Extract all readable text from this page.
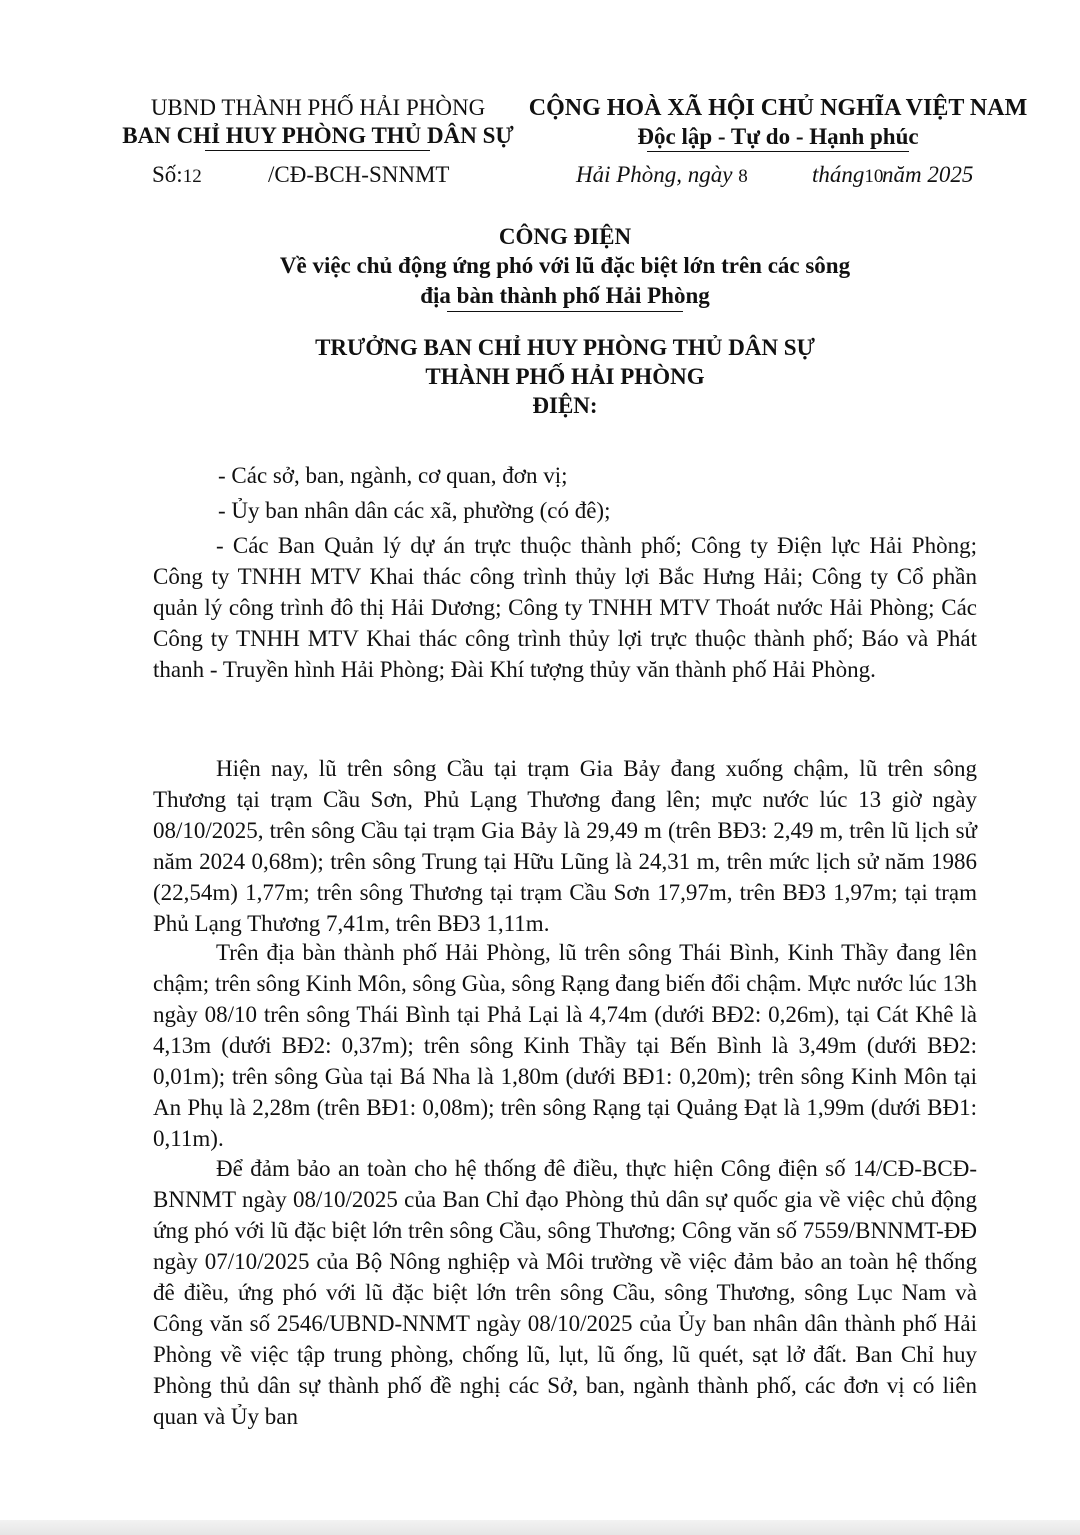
UBND THÀNH PHỐ HẢI PHÒNG
BAN CHỈ HUY PHÒNG THỦ DÂN SỰ
Số:12	/CĐ-BCH-SNNMT
CỘNG HOÀ XÃ HỘI CHỦ NGHĨA VIỆT NAM
Độc lập - Tự do - Hạnh phúc
Hải Phòng, ngày 8	tháng10
năm 2025
CÔNG ĐIỆN
Về việc chủ động ứng phó với lũ đặc biệt lớn trên các sông
địa bàn thành phố Hải Phòng
TRƯỞNG BAN CHỈ HUY PHÒNG THỦ DÂN SỰ
THÀNH PHỐ HẢI PHÒNG
ĐIỆN:
- Các sở, ban, ngành, cơ quan, đơn vị;
- Ủy ban nhân dân các xã, phường (có đê);
- Các Ban Quản lý dự án trực thuộc thành phố; Công ty Điện lực Hải Phòng; Công ty TNHH MTV Khai thác công trình thủy lợi Bắc Hưng Hải; Công ty Cổ phần quản lý công trình đô thị Hải Dương; Công ty TNHH MTV Thoát nước Hải Phòng; Các Công ty TNHH MTV Khai thác công trình thủy lợi trực thuộc thành phố; Báo và Phát thanh - Truyền hình Hải Phòng; Đài Khí tượng thủy văn thành phố Hải Phòng.
Hiện nay, lũ trên sông Cầu tại trạm Gia Bảy đang xuống chậm, lũ trên sông Thương tại trạm Cầu Sơn, Phủ Lạng Thương đang lên; mực nước lúc 13 giờ ngày 08/10/2025, trên sông Cầu tại trạm Gia Bảy là 29,49 m (trên BĐ3: 2,49 m, trên lũ lịch sử năm 2024 0,68m); trên sông Trung tại Hữu Lũng là 24,31 m, trên mức lịch sử năm 1986 (22,54m) 1,77m; trên sông Thương tại trạm Cầu Sơn 17,97m, trên BĐ3 1,97m; tại trạm Phủ Lạng Thương 7,41m, trên BĐ3 1,11m.
Trên địa bàn thành phố Hải Phòng, lũ trên sông Thái Bình, Kinh Thầy đang lên chậm; trên sông Kinh Môn, sông Gùa, sông Rạng đang biến đổi chậm. Mực nước lúc 13h ngày 08/10 trên sông Thái Bình tại Phả Lại là 4,74m (dưới BĐ2: 0,26m), tại Cát Khê là 4,13m (dưới BĐ2: 0,37m); trên sông Kinh Thầy tại Bến Bình là 3,49m (dưới BĐ2: 0,01m); trên sông Gùa tại Bá Nha là 1,80m (dưới BĐ1: 0,20m); trên sông Kinh Môn tại An Phụ là 2,28m (trên BĐ1: 0,08m); trên sông Rạng tại Quảng Đạt là 1,99m (dưới BĐ1: 0,11m).
Để đảm bảo an toàn cho hệ thống đê điều, thực hiện Công điện số 14/CĐ-BCĐ-BNNMT ngày 08/10/2025 của Ban Chỉ đạo Phòng thủ dân sự quốc gia về việc chủ động ứng phó với lũ đặc biệt lớn trên sông Cầu, sông Thương; Công văn số 7559/BNNMT-ĐĐ ngày 07/10/2025 của Bộ Nông nghiệp và Môi trường về việc đảm bảo an toàn hệ thống đê điều, ứng phó với lũ đặc biệt lớn trên sông Cầu, sông Thương, sông Lục Nam và Công văn số 2546/UBND-NNMT ngày 08/10/2025 của Ủy ban nhân dân thành phố Hải Phòng về việc tập trung phòng, chống lũ, lụt, lũ ống, lũ quét, sạt lở đất. Ban Chỉ huy Phòng thủ dân sự thành phố đề nghị các Sở, ban, ngành thành phố, các đơn vị có liên quan và Ủy ban
